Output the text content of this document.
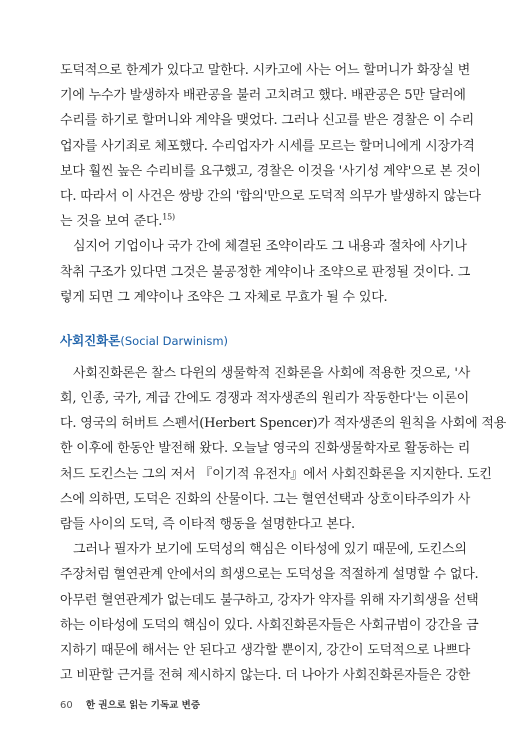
도덕적으로 한계가 있다고 말한다. 시카고에 사는 어느 할머니가 화장실 변
기에 누수가 발생하자 배관공을 불러 고치려고 했다. 배관공은 5만 달러에
수리를 하기로 할머니와 계약을 맺었다. 그러나 신고를 받은 경찰은 이 수리
업자를 사기죄로 체포했다. 수리업자가 시세를 모르는 할머니에게 시장가격
보다 훨씬 높은 수리비를 요구했고, 경찰은 이것을 '사기성 계약'으로 본 것이
다. 따라서 이 사건은 쌍방 간의 '합의'만으로 도덕적 의무가 발생하지 않는다
는 것을 보여 준다.$^{15)}$
심지어 기업이나 국가 간에 체결된 조약이라도 그 내용과 절차에 사기나
착취 구조가 있다면 그것은 불공정한 계약이나 조약으로 판정될 것이다. 그
렇게 되면 그 계약이나 조약은 그 자체로 무효가 될 수 있다.
사회진화론(Social Darwinism)
사회진화론은 찰스 다윈의 생물학적 진화론을 사회에 적용한 것으로, '사
회, 인종, 국가, 계급 간에도 경쟁과 적자생존의 원리가 작동한다'는 이론이
다. 영국의 허버트 스펜서(Herbert Spencer)가 적자생존의 원칙을 사회에 적용
한 이후에 한동안 발전해 왔다. 오늘날 영국의 진화생물학자로 활동하는 리
처드 도킨스는 그의 저서 『이기적 유전자』에서 사회진화론을 지지한다. 도킨
스에 의하면, 도덕은 진화의 산물이다. 그는 혈연선택과 상호이타주의가 사
람들 사이의 도덕, 즉 이타적 행동을 설명한다고 본다.
그러나 필자가 보기에 도덕성의 핵심은 이타성에 있기 때문에, 도킨스의
주장처럼 혈연관계 안에서의 희생으로는 도덕성을 적절하게 설명할 수 없다.
아무런 혈연관계가 없는데도 불구하고, 강자가 약자를 위해 자기희생을 선택
하는 이타성에 도덕의 핵심이 있다. 사회진화론자들은 사회규범이 강간을 금
지하기 때문에 해서는 안 된다고 생각할 뿐이지, 강간이 도덕적으로 나쁘다
고 비판할 근거를 전혀 제시하지 않는다. 더 나아가 사회진화론자들은 강한
60 한 권으로 읽는 기독교 변증
